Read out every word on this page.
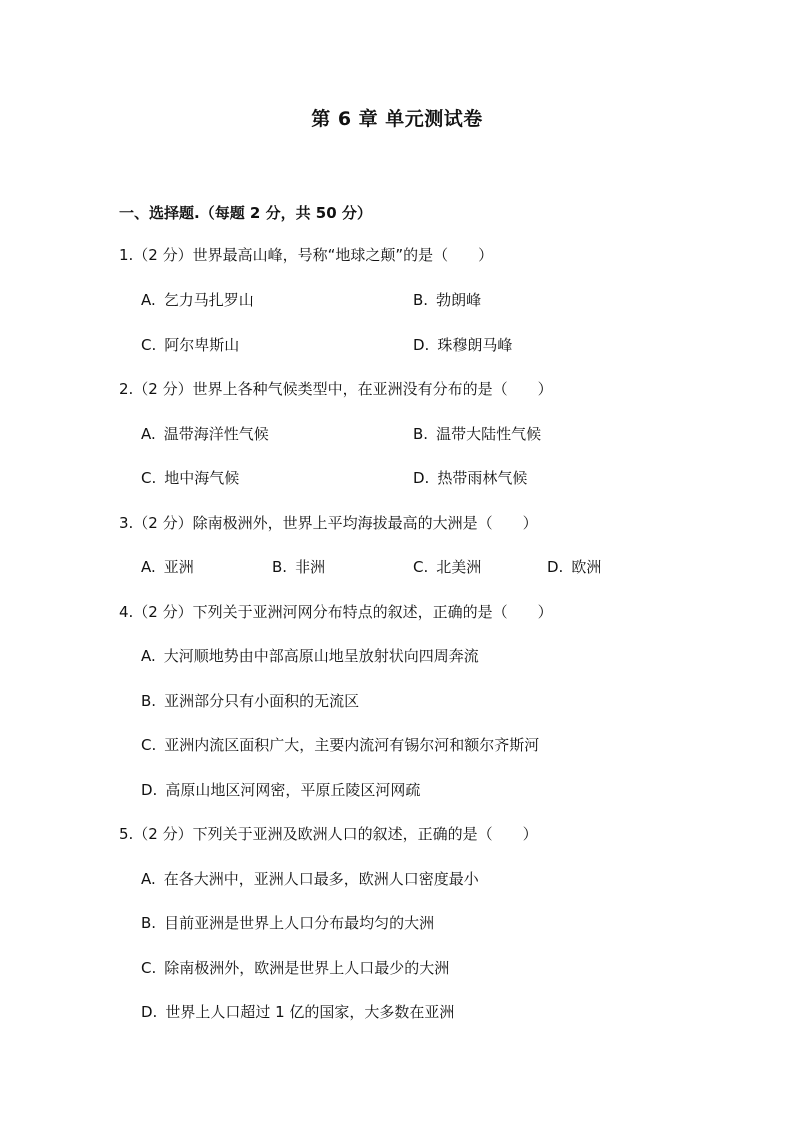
第 6 章 单元测试卷
一、选择题.（每题 2 分，共 50 分）
1.（2 分）世界最高山峰，号称“地球之颠”的是（　　）
A. 乞力马扎罗山	B. 勃朗峰
C. 阿尔卑斯山	D. 珠穆朗马峰
2.（2 分）世界上各种气候类型中，在亚洲没有分布的是（　　）
A. 温带海洋性气候	B. 温带大陆性气候
C. 地中海气候	D. 热带雨林气候
3.（2 分）除南极洲外，世界上平均海拔最高的大洲是（　　）
A. 亚洲	B. 非洲	C. 北美洲	D. 欧洲
4.（2 分）下列关于亚洲河网分布特点的叙述，正确的是（　　）
A. 大河顺地势由中部高原山地呈放射状向四周奔流
B. 亚洲部分只有小面积的无流区
C. 亚洲内流区面积广大，主要内流河有锡尔河和额尔齐斯河
D. 高原山地区河网密，平原丘陵区河网疏
5.（2 分）下列关于亚洲及欧洲人口的叙述，正确的是（　　）
A. 在各大洲中，亚洲人口最多，欧洲人口密度最小
B. 目前亚洲是世界上人口分布最均匀的大洲
C. 除南极洲外，欧洲是世界上人口最少的大洲
D. 世界上人口超过 1 亿的国家，大多数在亚洲
